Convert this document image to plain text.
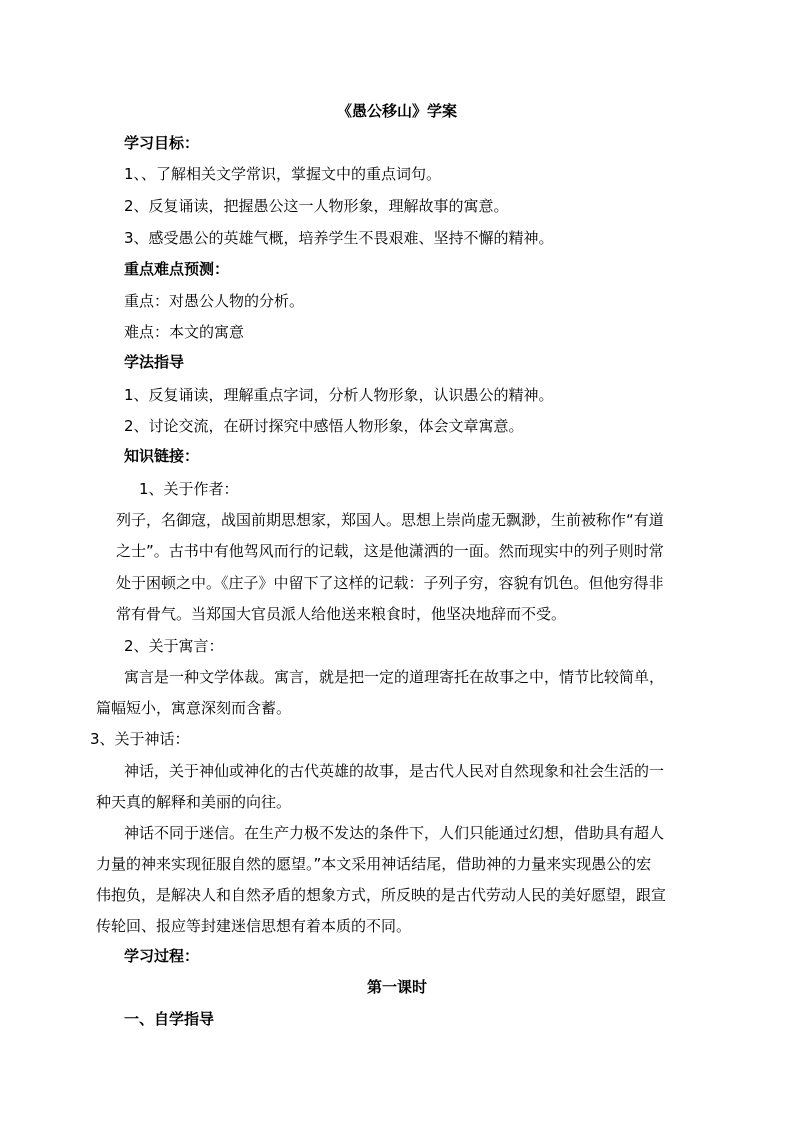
《愚公移山》学案
学习目标：
1、、了解相关文学常识，掌握文中的重点词句。
2、反复诵读，把握愚公这一人物形象，理解故事的寓意。
3、感受愚公的英雄气概，培养学生不畏艰难、坚持不懈的精神。
重点难点预测：
重点：对愚公人物的分析。
难点：本文的寓意
学法指导
1、反复诵读，理解重点字词，分析人物形象，认识愚公的精神。
2、讨论交流，在研讨探究中感悟人物形象，体会文章寓意。
知识链接：
1、关于作者：
列子，名御寇，战国前期思想家，郑国人。思想上崇尚虚无飘渺，生前被称作“有道
之士”。古书中有他驾风而行的记载，这是他潇洒的一面。然而现实中的列子则时常
处于困顿之中。《庄子》中留下了这样的记载：子列子穷，容貌有饥色。但他穷得非
常有骨气。当郑国大官员派人给他送来粮食时，他坚决地辞而不受。
2、关于寓言：
寓言是一种文学体裁。寓言，就是把一定的道理寄托在故事之中，情节比较简单，
篇幅短小，寓意深刻而含蓄。
3、关于神话：
神话，关于神仙或神化的古代英雄的故事，是古代人民对自然现象和社会生活的一
种天真的解释和美丽的向往。
神话不同于迷信。在生产力极不发达的条件下，人们只能通过幻想，借助具有超人
力量的神来实现征服自然的愿望。”本文采用神话结尾，借助神的力量来实现愚公的宏
伟抱负，是解决人和自然矛盾的想象方式，所反映的是古代劳动人民的美好愿望，跟宣
传轮回、报应等封建迷信思想有着本质的不同。
学习过程：
第一课时
一、自学指导
